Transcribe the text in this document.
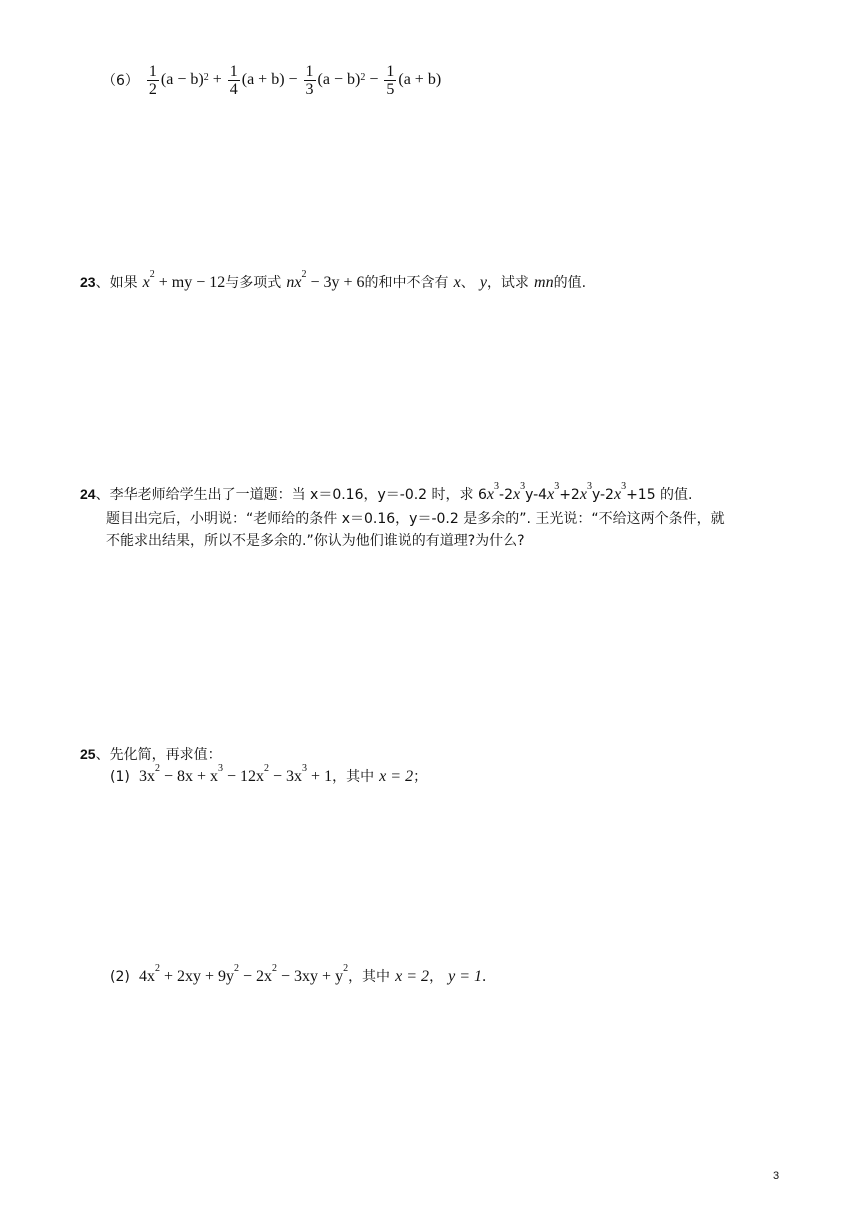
$(6) \frac{1}{2} (a - b)^2 + \frac{1}{4} (a + b) - \frac{1}{3} (a - b)^2 - \frac{1}{5} (a + b)$
23、如果 $x^2$ + my − 12与多项式 $nx^2 - 3y + 6$的和中不含有 x、 y，试求 mn的值.
24、李华老师给学生出了一道题：当 x＝0.16，y＝-0.2 时，求 $6x^3-2x^3y-4x^3+2x^3y-2x^3+15$ 的值.
题目出完后，小明说：“老师给的条件 x＝0.16，y＝-0.2 是多余的”. 王光说：“不给这两个条件，就
不能求出结果，所以不是多余的.”你认为他们谁说的有道理?为什么?
25、先化简，再求值：
(1) $3x^2 - 8x + x^3 - 12x^2 - 3x^3 + 1$，其中 x = 2；
(2) $4x^2 + 2xy + 9y^2 - 2x^2 - 3xy + y^2$，其中 x = 2， y = 1.
3
